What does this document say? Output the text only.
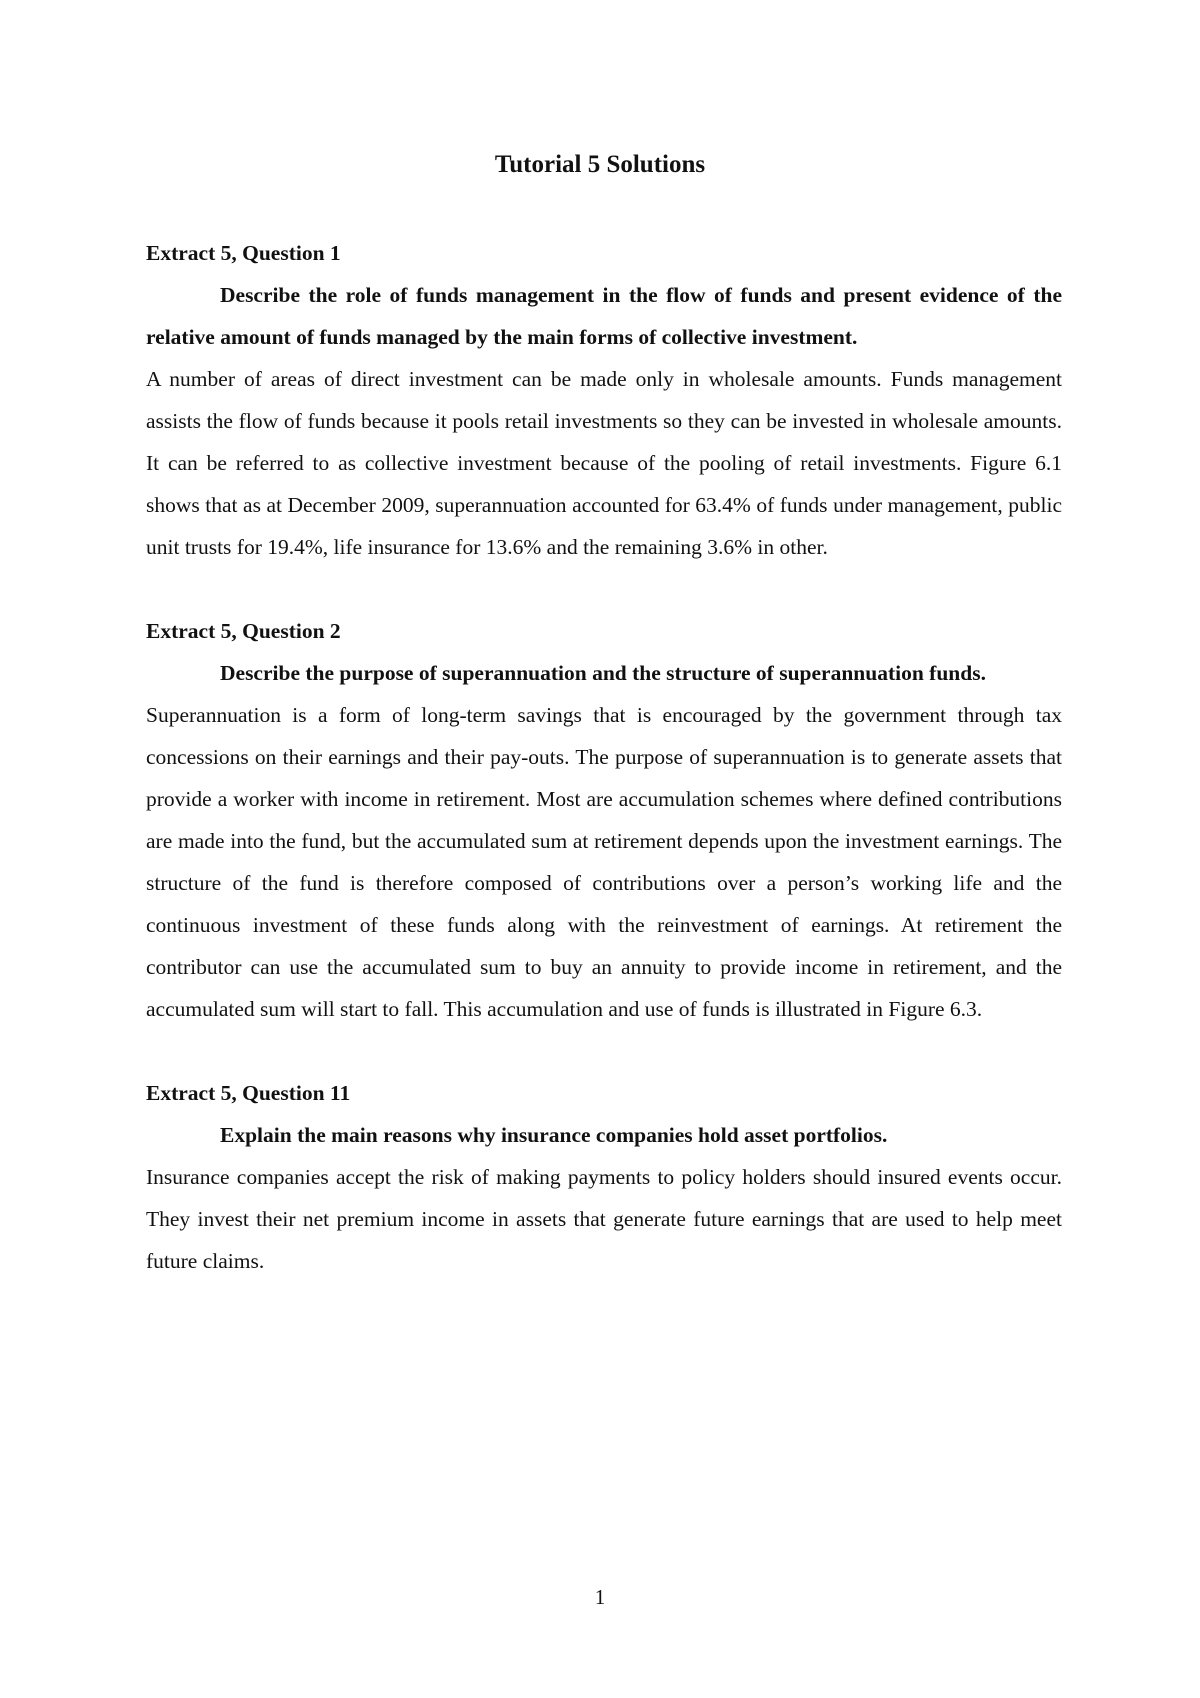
Tutorial 5 Solutions

Extract 5, Question 1

Describe the role of funds management in the flow of funds and present evidence of the relative amount of funds managed by the main forms of collective investment.

A number of areas of direct investment can be made only in wholesale amounts. Funds management assists the flow of funds because it pools retail investments so they can be invested in wholesale amounts. It can be referred to as collective investment because of the pooling of retail investments. Figure 6.1 shows that as at December 2009, superannuation accounted for 63.4% of funds under management, public unit trusts for 19.4%, life insurance for 13.6% and the remaining 3.6% in other.

Extract 5, Question 2

Describe the purpose of superannuation and the structure of superannuation funds.

Superannuation is a form of long-term savings that is encouraged by the government through tax concessions on their earnings and their pay-outs. The purpose of superannuation is to generate assets that provide a worker with income in retirement. Most are accumulation schemes where defined contributions are made into the fund, but the accumulated sum at retirement depends upon the investment earnings. The structure of the fund is therefore composed of contributions over a person’s working life and the continuous investment of these funds along with the reinvestment of earnings. At retirement the contributor can use the accumulated sum to buy an annuity to provide income in retirement, and the accumulated sum will start to fall. This accumulation and use of funds is illustrated in Figure 6.3.

Extract 5, Question 11

Explain the main reasons why insurance companies hold asset portfolios.

Insurance companies accept the risk of making payments to policy holders should insured events occur. They invest their net premium income in assets that generate future earnings that are used to help meet future claims.

1
